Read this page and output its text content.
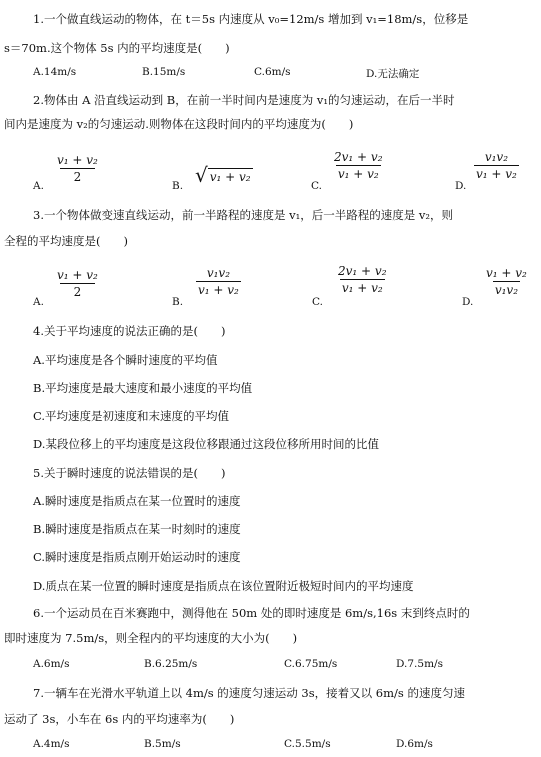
1.一个做直线运动的物体，在 t＝5s 内速度从 v₀=12m/s 增加到 v₁=18m/s，位移是
s＝70m.这个物体 5s 内的平均速度是(　　)
A.14m/s	B.15m/s	C.6m/s	D.无法确定
2.物体由 A 沿直线运动到 B，在前一半时间内是速度为 v₁的匀速运动，在后一半时
间内是速度为 v₂的匀速运动.则物体在这段时间内的平均速度为(　　)
A.
$\frac{\text{v₁ + v₂}}{2}$
B. √ v₁ + v₂
C.
$\frac{\text{2v₁ + v₂}}{\text{v₁ + v₂}}$
D.
$\frac{\text{v₁v₂}}{\text{v₁ + v₂}}$
3.一个物体做变速直线运动，前一半路程的速度是 v₁，后一半路程的速度是 v₂，则
全程的平均速度是(　　)
A.
$\frac{\text{v₁ + v₂}}{2}$
B.
$\frac{\text{v₁v₂}}{\text{v₁ + v₂}}$
C.
$\frac{\text{2v₁ + v₂}}{\text{v₁ + v₂}}$
D.
$\frac{\text{v₁ + v₂}}{\text{v₁v₂}}$
4.关于平均速度的说法正确的是(　　)
A.平均速度是各个瞬时速度的平均值
B.平均速度是最大速度和最小速度的平均值
C.平均速度是初速度和末速度的平均值
D.某段位移上的平均速度是这段位移跟通过这段位移所用时间的比值
5.关于瞬时速度的说法错误的是(　　)
A.瞬时速度是指质点在某一位置时的速度
B.瞬时速度是指质点在某一时刻时的速度
C.瞬时速度是指质点刚开始运动时的速度
D.质点在某一位置的瞬时速度是指质点在该位置附近极短时间内的平均速度
6.一个运动员在百米赛跑中，测得他在 50m 处的即时速度是 6m/s,16s 末到终点时的
即时速度为 7.5m/s，则全程内的平均速度的大小为(　　)
A.6m/s	B.6.25m/s	C.6.75m/s	D.7.5m/s
7.一辆车在光滑水平轨道上以 4m/s 的速度匀速运动 3s，接着又以 6m/s 的速度匀速
运动了 3s，小车在 6s 内的平均速率为(　　)
A.4m/s	B.5m/s	C.5.5m/s	D.6m/s
